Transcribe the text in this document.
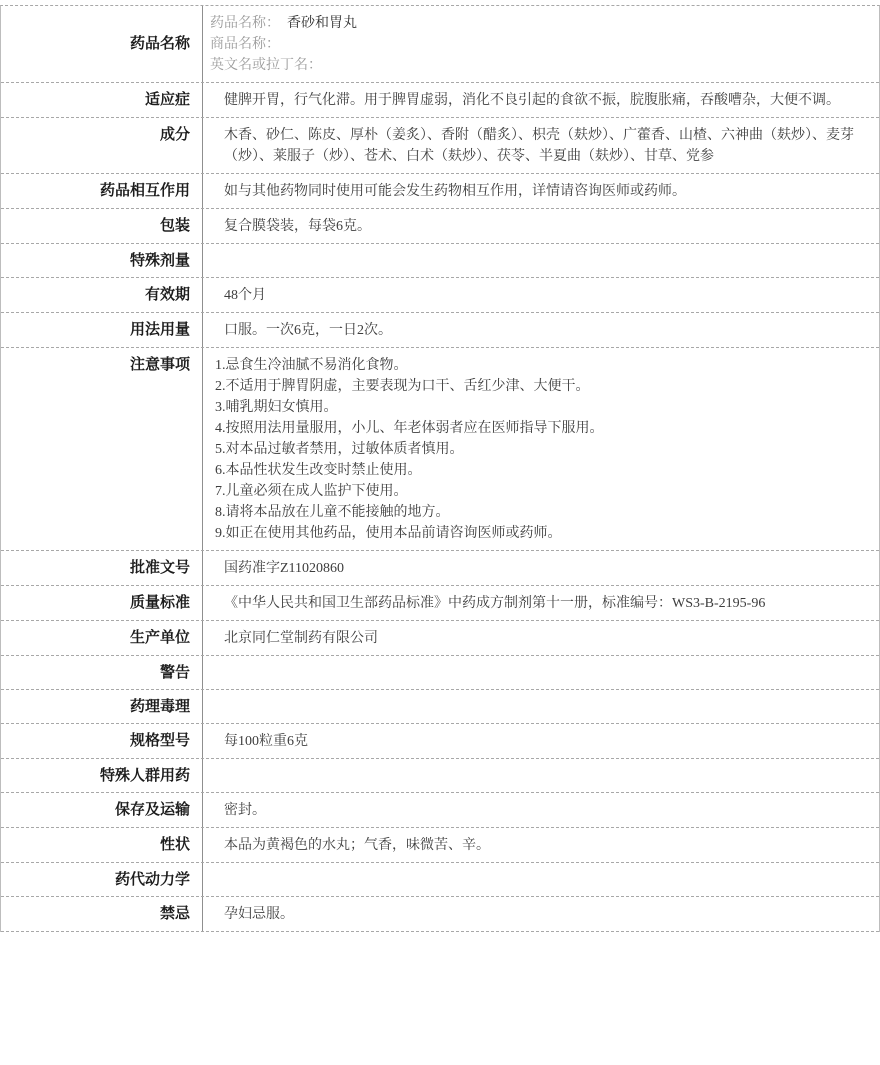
药品名称
药品名称： 香砂和胃丸
商品名称：
英文名或拉丁名：
适应症	健脾开胃，行气化滞。用于脾胃虚弱，消化不良引起的食欲不振，脘腹胀痛，吞酸嘈杂，大便不调。
成分	木香、砂仁、陈皮、厚朴（姜炙）、香附（醋炙）、枳壳（麸炒）、广藿香、山楂、六神曲（麸炒）、麦芽（炒）、莱服子（炒）、苍术、白术（麸炒）、茯苓、半夏曲（麸炒）、甘草、党参
药品相互作用	如与其他药物同时使用可能会发生药物相互作用，详情请咨询医师或药师。
包装	复合膜袋装，每袋6克。
特殊剂量
有效期	48个月
用法用量	口服。一次6克，一日2次。
注意事项	1.忌食生冷油腻不易消化食物。
2.不适用于脾胃阴虚，主要表现为口干、舌红少津、大便干。
3.哺乳期妇女慎用。
4.按照用法用量服用，小儿、年老体弱者应在医师指导下服用。
5.对本品过敏者禁用，过敏体质者慎用。
6.本品性状发生改变时禁止使用。
7.儿童必须在成人监护下使用。
8.请将本品放在儿童不能接触的地方。
9.如正在使用其他药品，使用本品前请咨询医师或药师。
批准文号	国药准字Z11020860
质量标准	《中华人民共和国卫生部药品标准》中药成方制剂第十一册，标准编号：WS3-B-2195-96
生产单位	北京同仁堂制药有限公司
警告
药理毒理
规格型号	每100粒重6克
特殊人群用药
保存及运输	密封。
性状	本品为黄褐色的水丸；气香，味微苦、辛。
药代动力学
禁忌	孕妇忌服。
